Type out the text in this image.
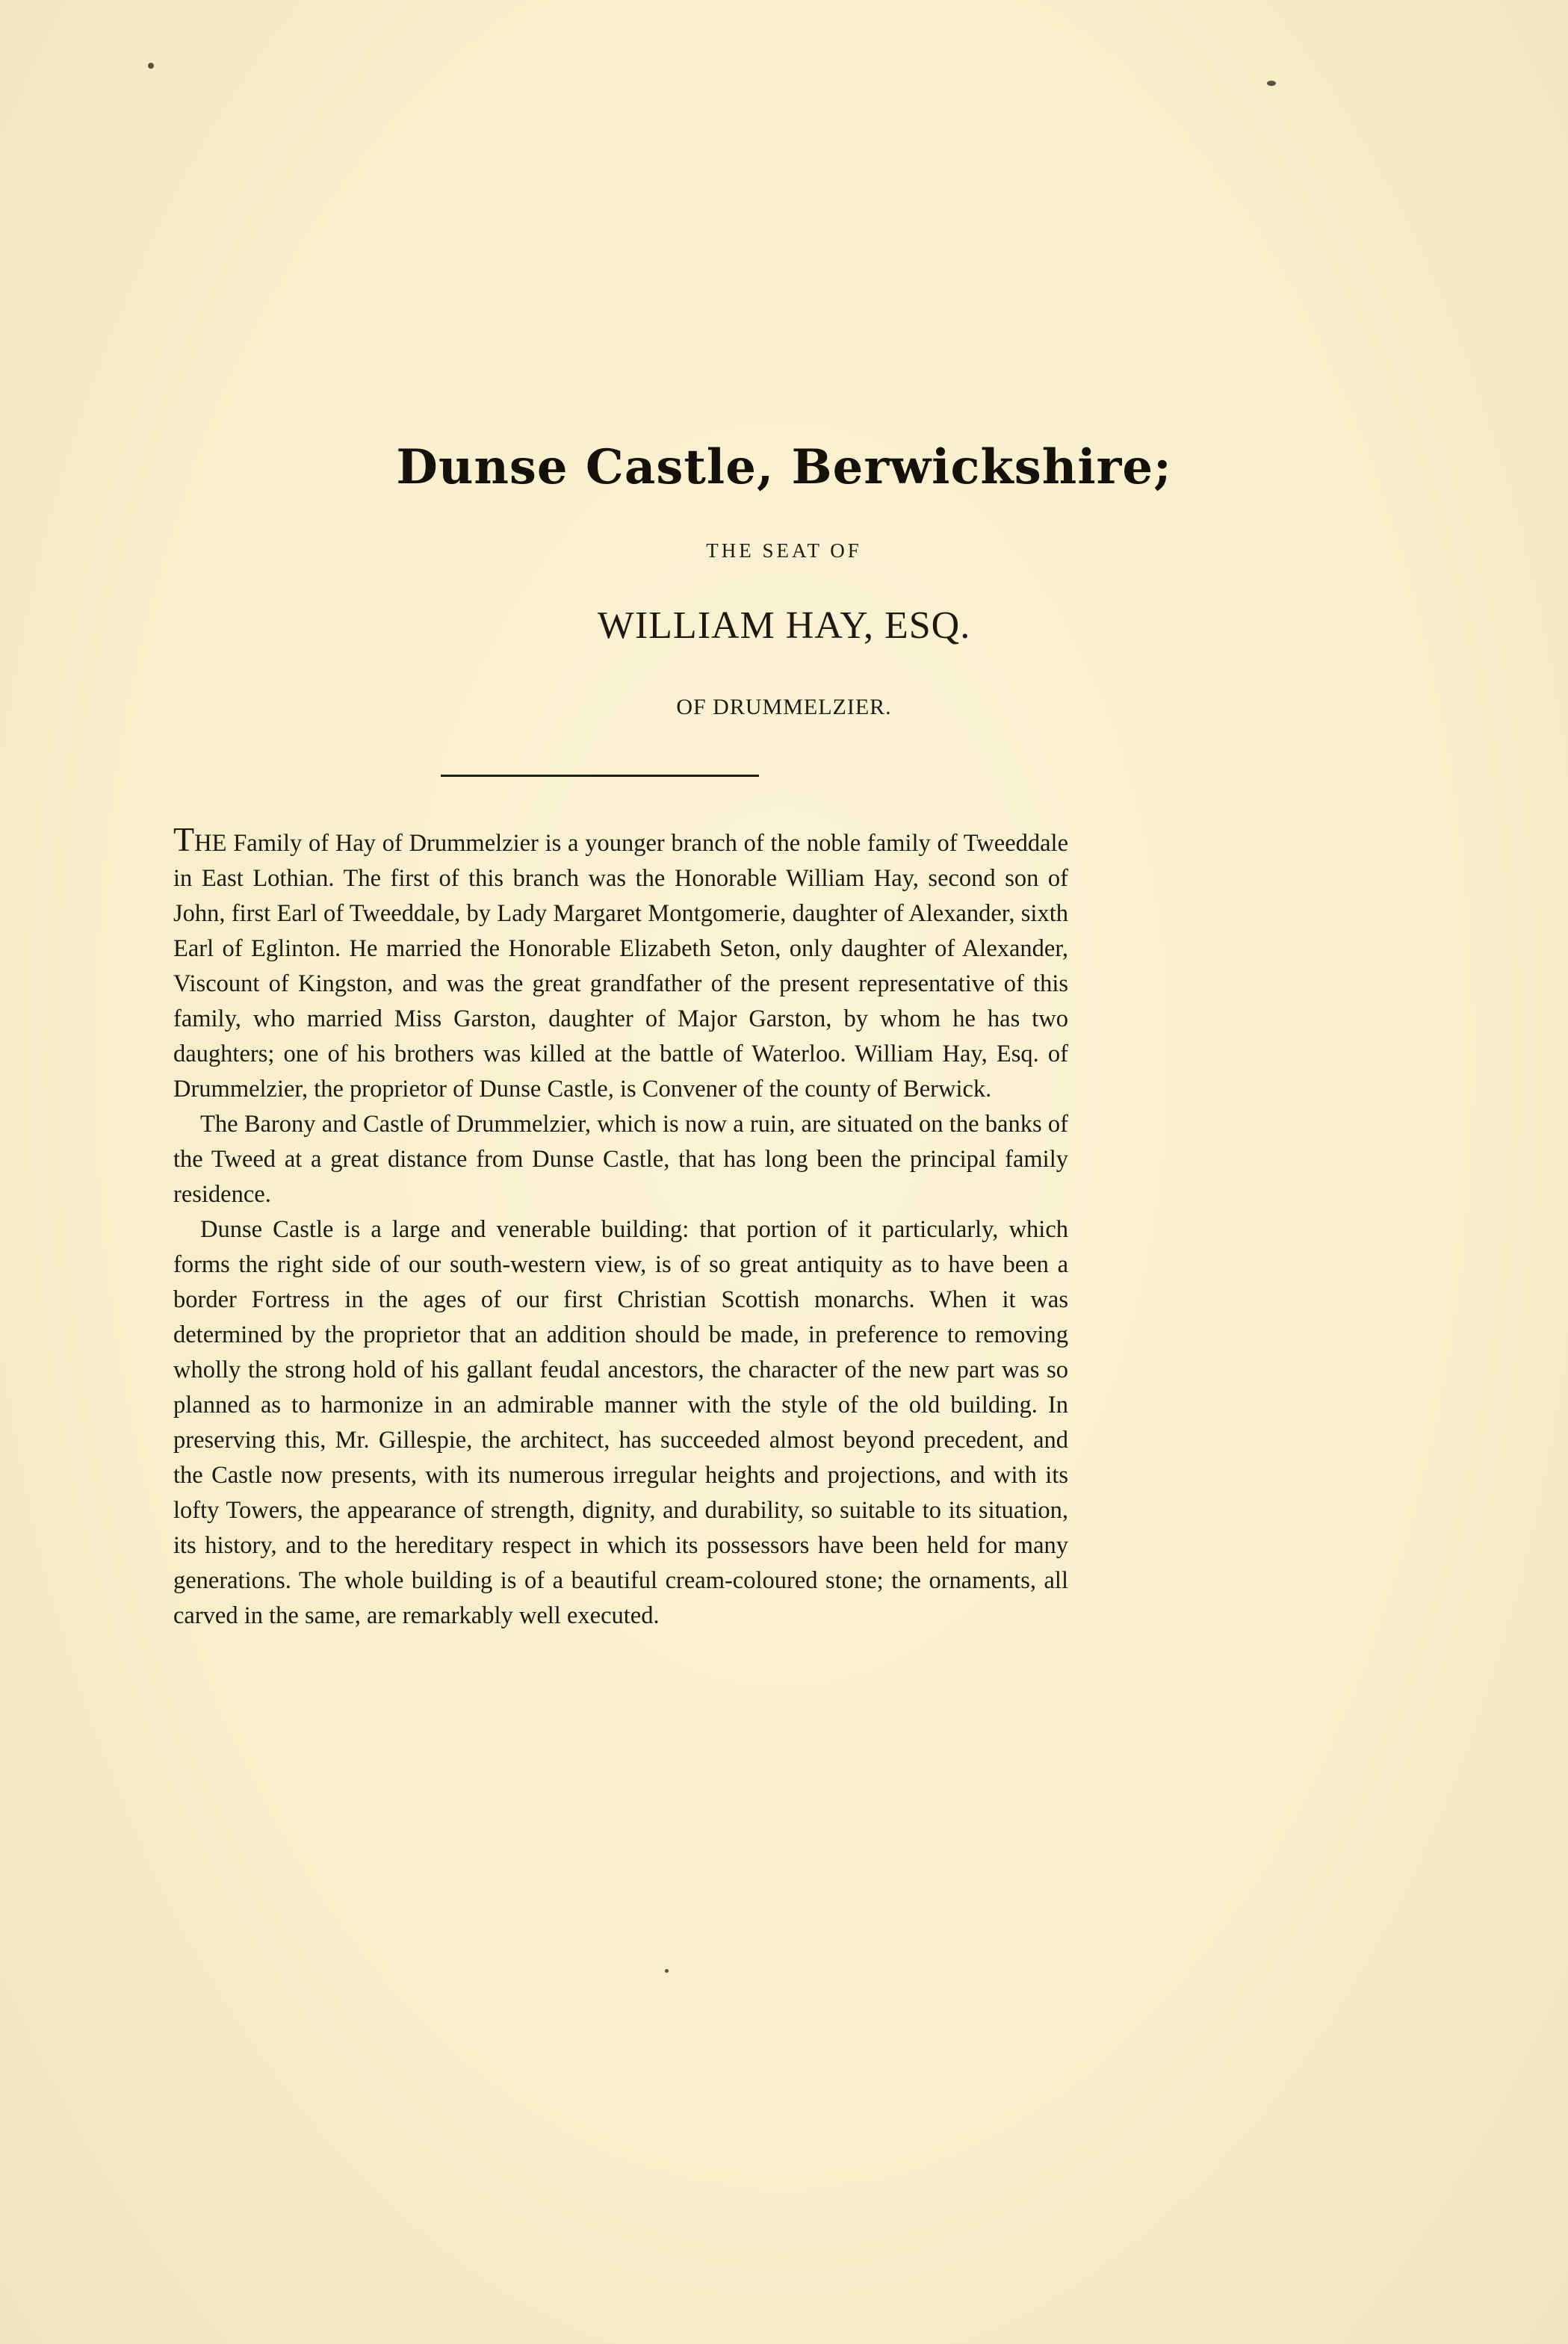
Dunse Castle, Berwickshire;
THE SEAT OF
WILLIAM HAY, ESQ.
OF DRUMMELZIER.

THE Family of Hay of Drummelzier is a younger branch of the noble family of Tweeddale in East Lothian. The first of this branch was the Honorable William Hay, second son of John, first Earl of Tweeddale, by Lady Margaret Montgomerie, daughter of Alexander, sixth Earl of Eglinton. He married the Honorable Elizabeth Seton, only daughter of Alexander, Viscount of Kingston, and was the great grandfather of the present representative of this family, who married Miss Garston, daughter of Major Garston, by whom he has two daughters; one of his brothers was killed at the battle of Waterloo. William Hay, Esq. of Drummelzier, the proprietor of Dunse Castle, is Convener of the county of Berwick.

The Barony and Castle of Drummelzier, which is now a ruin, are situated on the banks of the Tweed at a great distance from Dunse Castle, that has long been the principal family residence.

Dunse Castle is a large and venerable building: that portion of it particularly, which forms the right side of our south-western view, is of so great antiquity as to have been a border Fortress in the ages of our first Christian Scottish monarchs. When it was determined by the proprietor that an addition should be made, in preference to removing wholly the strong hold of his gallant feudal ancestors, the character of the new part was so planned as to harmonize in an admirable manner with the style of the old building. In preserving this, Mr. Gillespie, the architect, has succeeded almost beyond precedent, and the Castle now presents, with its numerous irregular heights and projections, and with its lofty Towers, the appearance of strength, dignity, and durability, so suitable to its situation, its history, and to the hereditary respect in which its possessors have been held for many generations. The whole building is of a beautiful cream-coloured stone; the ornaments, all carved in the same, are remarkably well executed.
